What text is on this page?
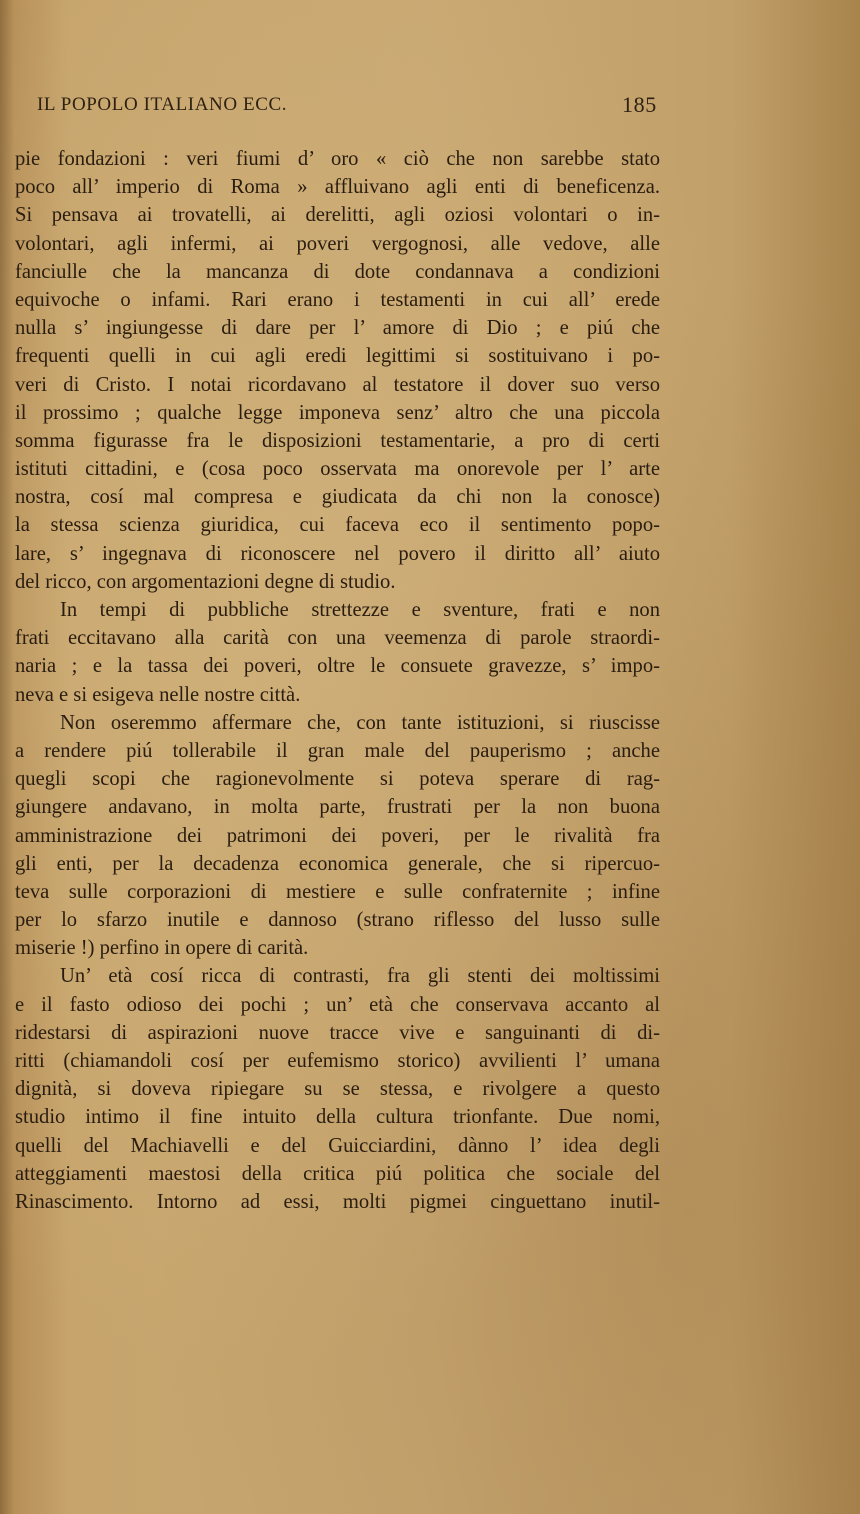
IL POPOLO ITALIANO ECC.	185
pie fondazioni : veri fiumi d’ oro « ciò che non sarebbe stato
poco all’ imperio di Roma » affluivano agli enti di beneficenza.
Si pensava ai trovatelli, ai derelitti, agli oziosi volontari o in-
volontari, agli infermi, ai poveri vergognosi, alle vedove, alle
fanciulle che la mancanza di dote condannava a condizioni
equivoche o infami. Rari erano i testamenti in cui all’ erede
nulla s’ ingiungesse di dare per l’ amore di Dio ; e piú che
frequenti quelli in cui agli eredi legittimi si sostituivano i po-
veri di Cristo. I notai ricordavano al testatore il dover suo verso
il prossimo ; qualche legge imponeva senz’ altro che una piccola
somma figurasse fra le disposizioni testamentarie, a pro di certi
istituti cittadini, e (cosa poco osservata ma onorevole per l’ arte
nostra, cosí mal compresa e giudicata da chi non la conosce)
la stessa scienza giuridica, cui faceva eco il sentimento popo-
lare, s’ ingegnava di riconoscere nel povero il diritto all’ aiuto
del ricco, con argomentazioni degne di studio.
In tempi di pubbliche strettezze e sventure, frati e non
frati eccitavano alla carità con una veemenza di parole straordi-
naria ; e la tassa dei poveri, oltre le consuete gravezze, s’ impo-
neva e si esigeva nelle nostre città.
Non oseremmo affermare che, con tante istituzioni, si riuscisse
a rendere piú tollerabile il gran male del pauperismo ; anche
quegli scopi che ragionevolmente si poteva sperare di rag-
giungere andavano, in molta parte, frustrati per la non buona
amministrazione dei patrimoni dei poveri, per le rivalità fra
gli enti, per la decadenza economica generale, che si ripercuo-
teva sulle corporazioni di mestiere e sulle confraternite ; infine
per lo sfarzo inutile e dannoso (strano riflesso del lusso sulle
miserie !) perfino in opere di carità.
Un’ età cosí ricca di contrasti, fra gli stenti dei moltissimi
e il fasto odioso dei pochi ; un’ età che conservava accanto al
ridestarsi di aspirazioni nuove tracce vive e sanguinanti di di-
ritti (chiamandoli cosí per eufemismo storico) avvilienti l’ umana
dignità, si doveva ripiegare su se stessa, e rivolgere a questo
studio intimo il fine intuito della cultura trionfante. Due nomi,
quelli del Machiavelli e del Guicciardini, dànno l’ idea degli
atteggiamenti maestosi della critica piú politica che sociale del
Rinascimento. Intorno ad essi, molti pigmei cinguettano inutil-
